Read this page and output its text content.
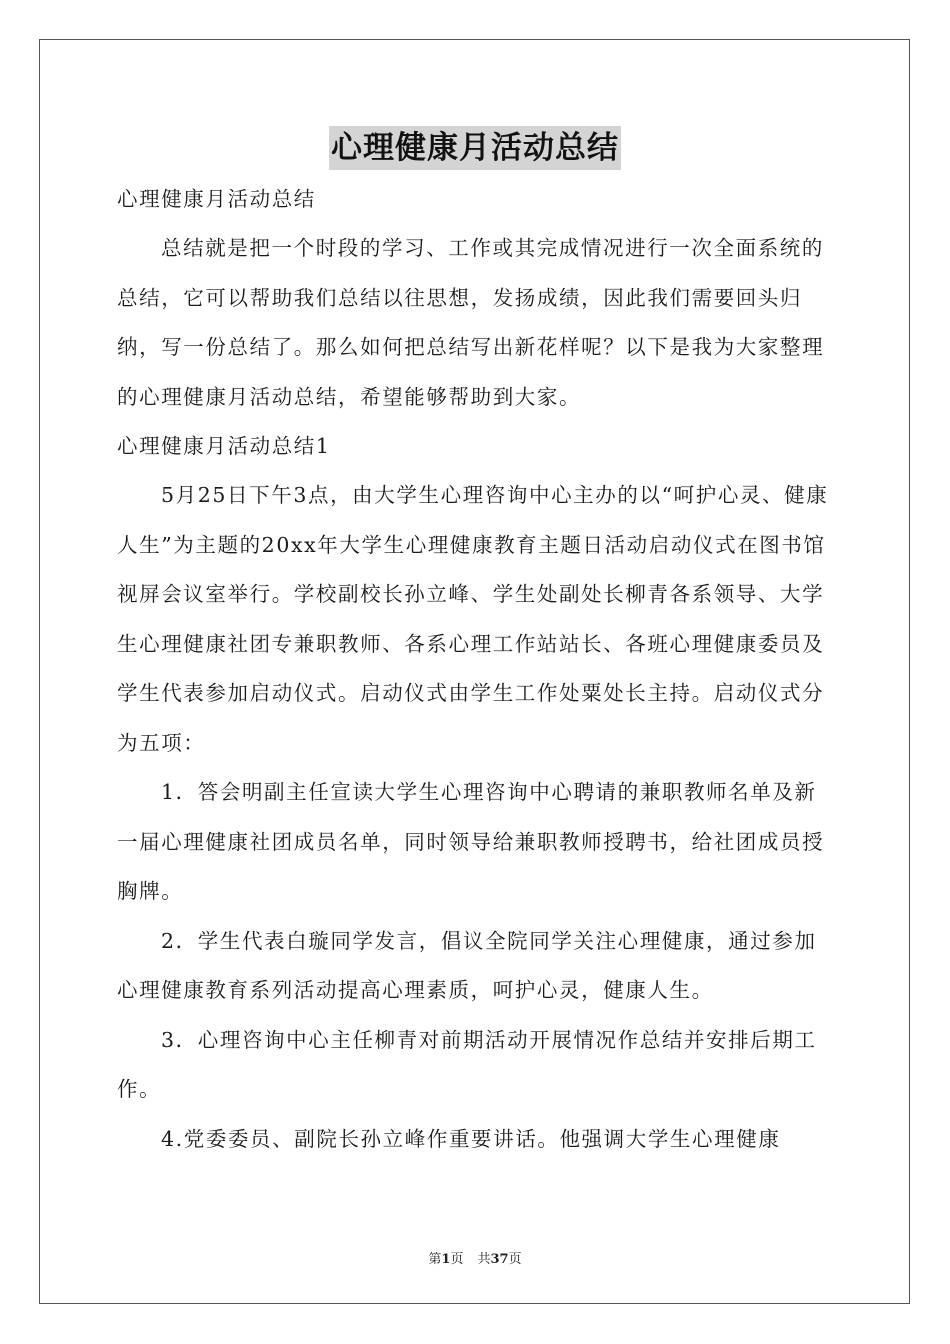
心理健康月活动总结

心理健康月活动总结

总结就是把一个时段的学习、工作或其完成情况进行一次全面系统的总结，它可以帮助我们总结以往思想，发扬成绩，因此我们需要回头归纳，写一份总结了。那么如何把总结写出新花样呢？以下是我为大家整理的心理健康月活动总结，希望能够帮助到大家。

心理健康月活动总结1

5月25日下午3点，由大学生心理咨询中心主办的以“呵护心灵、健康人生”为主题的20xx年大学生心理健康教育主题日活动启动仪式在图书馆视屏会议室举行。学校副校长孙立峰、学生处副处长柳青各系领导、大学生心理健康社团专兼职教师、各系心理工作站站长、各班心理健康委员及学生代表参加启动仪式。启动仪式由学生工作处粟处长主持。启动仪式分为五项：

1．答会明副主任宣读大学生心理咨询中心聘请的兼职教师名单及新一届心理健康社团成员名单，同时领导给兼职教师授聘书，给社团成员授胸牌。

2．学生代表白璇同学发言，倡议全院同学关注心理健康，通过参加心理健康教育系列活动提高心理素质，呵护心灵，健康人生。

3．心理咨询中心主任柳青对前期活动开展情况作总结并安排后期工作。

4.党委委员、副院长孙立峰作重要讲话。他强调大学生心理健康

第1页 共37页
